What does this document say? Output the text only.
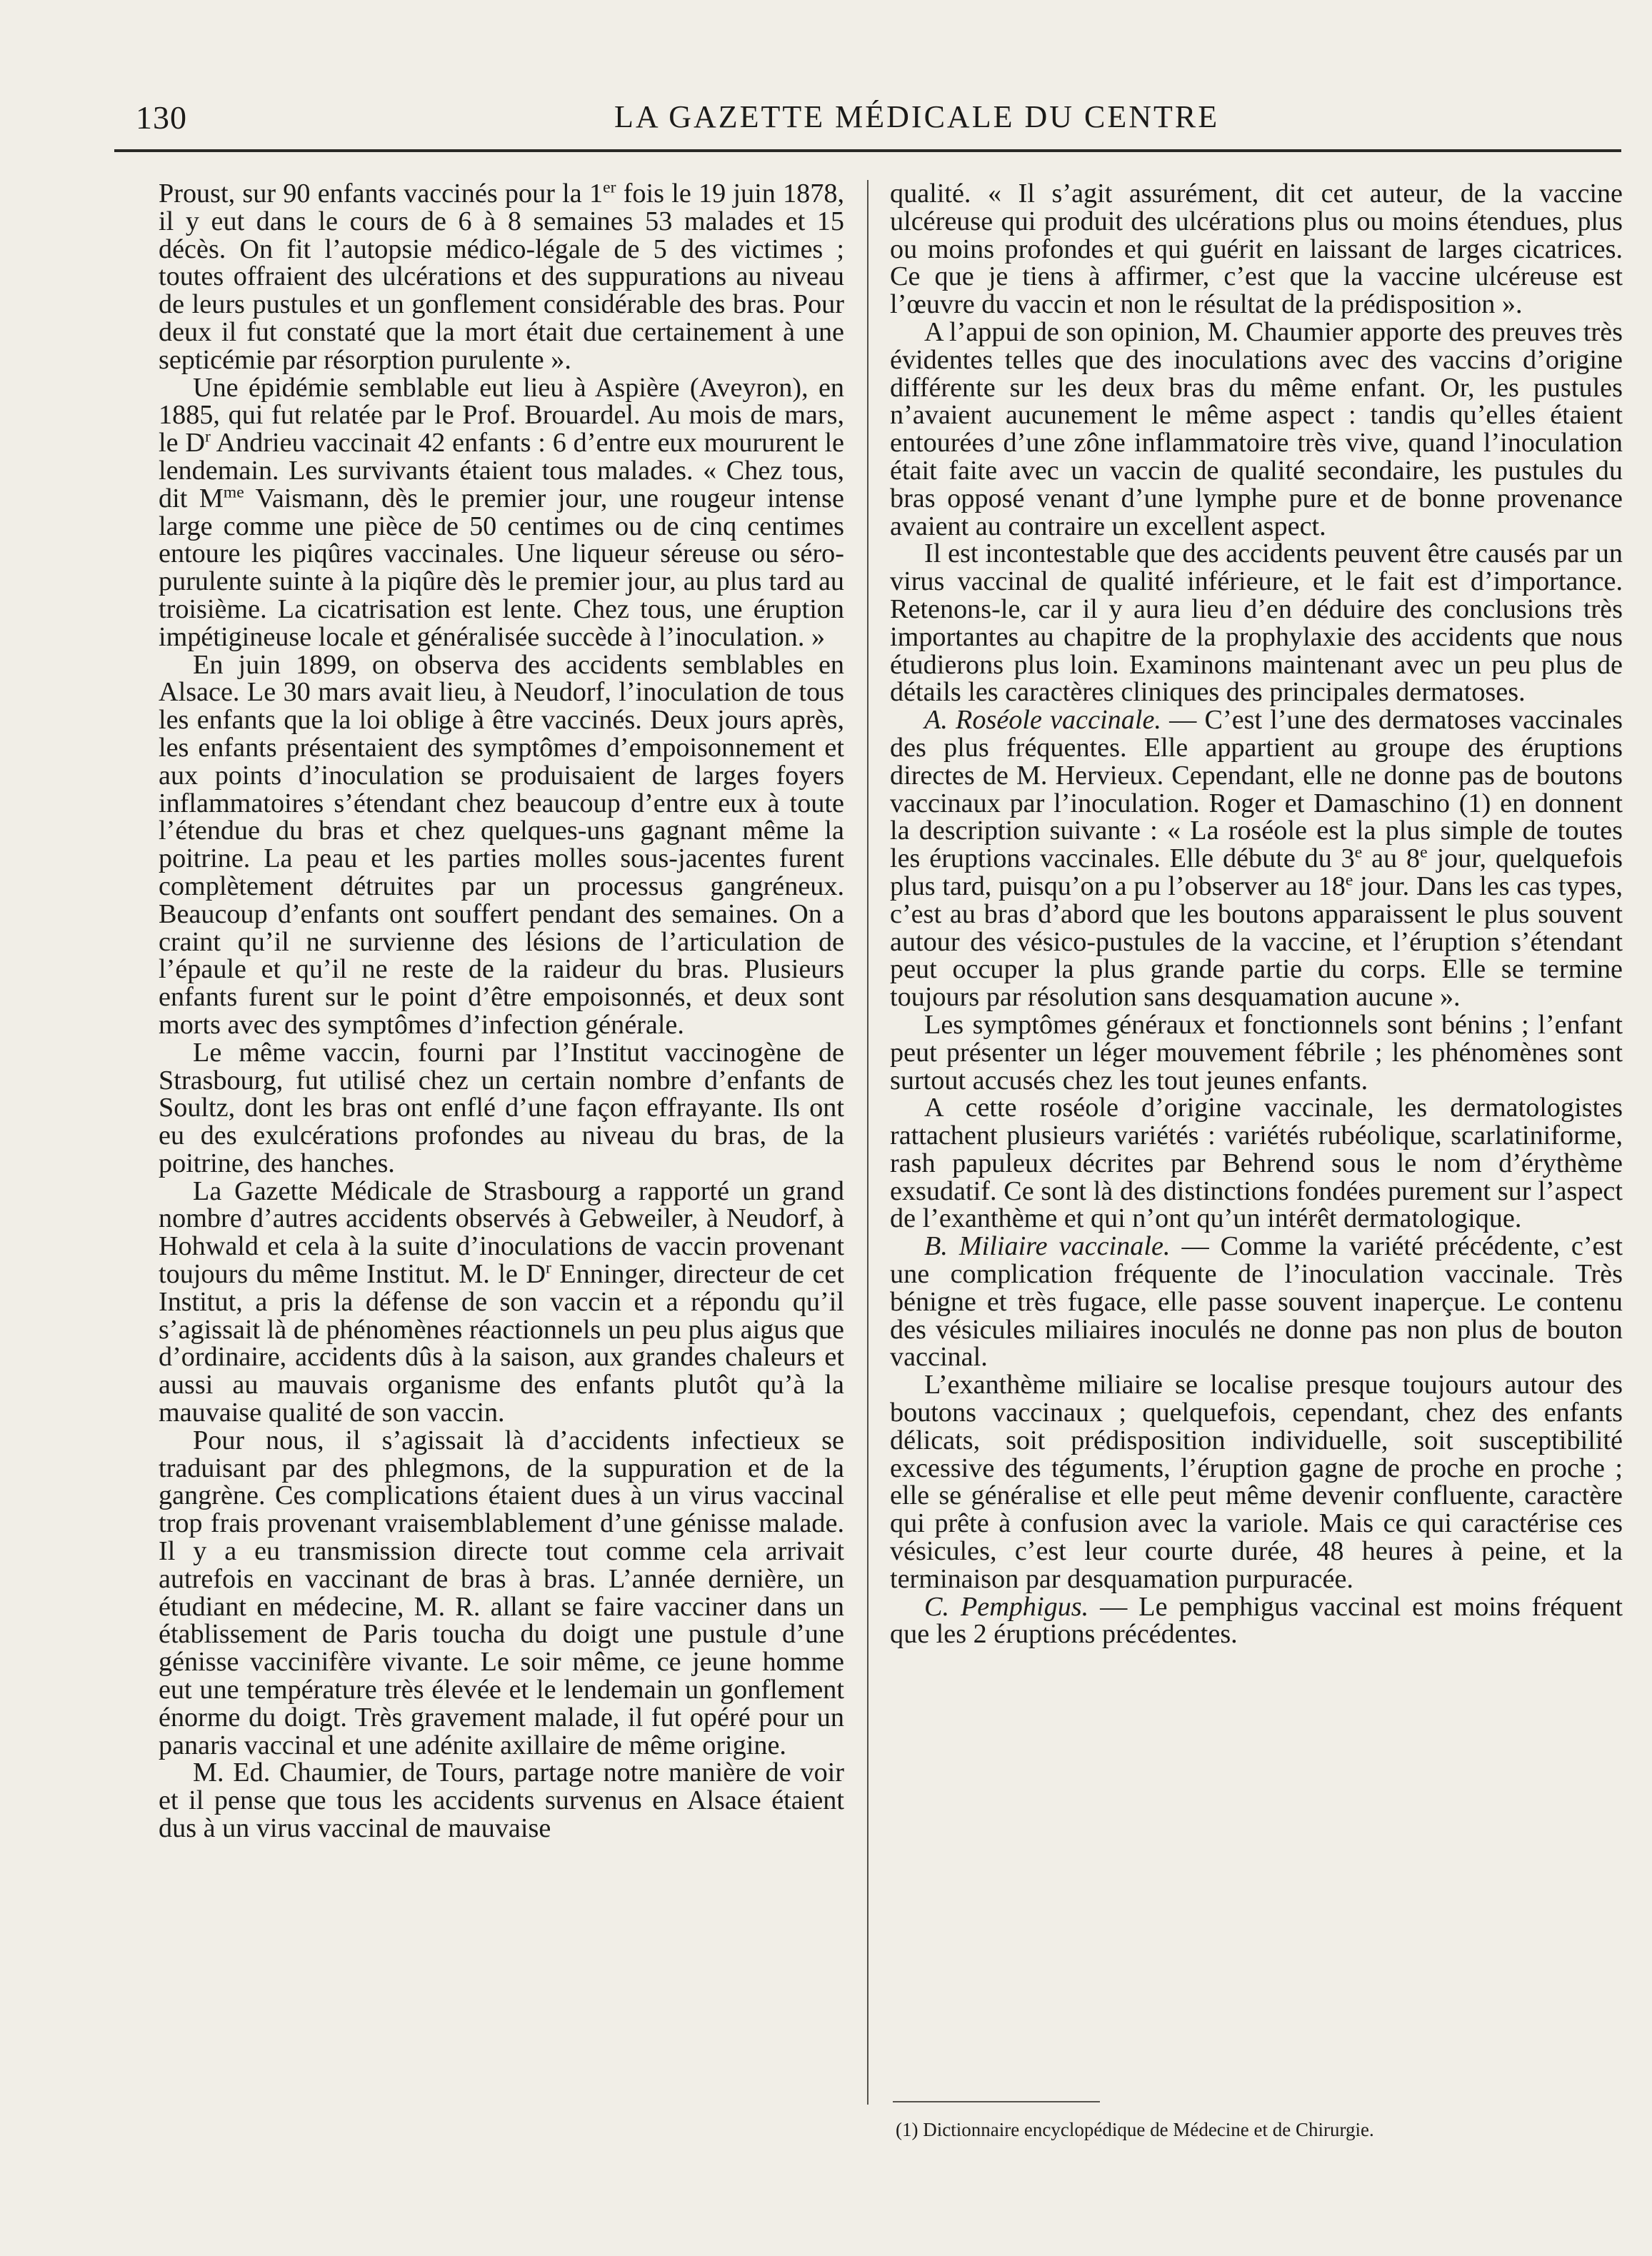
130	LA GAZETTE MÉDICALE DU CENTRE

Proust, sur 90 enfants vaccinés pour la 1er fois le 19 juin 1878, il y eut dans le cours de 6 à 8 semaines 53 malades et 15 décès. On fit l’autopsie médico-légale de 5 des victimes ; toutes offraient des ulcérations et des suppurations au niveau de leurs pustules et un gonflement considérable des bras. Pour deux il fut constaté que la mort était due certainement à une septicémie par résorption purulente ».

Une épidémie semblable eut lieu à Aspière (Aveyron), en 1885, qui fut relatée par le Prof. Brouardel. Au mois de mars, le $D^r$ Andrieu vaccinait 42 enfants : 6 d’entre eux moururent le lendemain. Les survivants étaient tous malades. « Chez tous, dit $M^{me}$ Vaismann, dès le premier jour, une rougeur intense large comme une pièce de 50 centimes ou de cinq centimes entoure les piqûres vaccinales. Une liqueur séreuse ou séro-purulente suinte à la piqûre dès le premier jour, au plus tard au troisième. La cicatrisation est lente. Chez tous, une éruption impétigineuse locale et généralisée succède à l’inoculation. »

En juin 1899, on observa des accidents semblables en Alsace. Le 30 mars avait lieu, à Neudorf, l’inoculation de tous les enfants que la loi oblige à être vaccinés. Deux jours après, les enfants présentaient des symptômes d’empoisonnement et aux points d’inoculation se produisaient de larges foyers inflammatoires s’étendant chez beaucoup d’entre eux à toute l’étendue du bras et chez quelques-uns gagnant même la poitrine. La peau et les parties molles sous-jacentes furent complètement détruites par un processus gangréneux. Beaucoup d’enfants ont souffert pendant des semaines. On a craint qu’il ne survienne des lésions de l’articulation de l’épaule et qu’il ne reste de la raideur du bras. Plusieurs enfants furent sur le point d’être empoisonnés, et deux sont morts avec des symptômes d’infection générale.

Le même vaccin, fourni par l’Institut vaccinogène de Strasbourg, fut utilisé chez un certain nombre d’enfants de Soultz, dont les bras ont enflé d’une façon effrayante. Ils ont eu des exulcérations profondes au niveau du bras, de la poitrine, des hanches.

La Gazette Médicale de Strasbourg a rapporté un grand nombre d’autres accidents observés à Gebweiler, à Neudorf, à Hohwald et cela à la suite d’inoculations de vaccin provenant toujours du même Institut. M. le $D^r$ Enninger, directeur de cet Institut, a pris la défense de son vaccin et a répondu qu’il s’agissait là de phénomènes réactionnels un peu plus aigus que d’ordinaire, accidents dûs à la saison, aux grandes chaleurs et aussi au mauvais organisme des enfants plutôt qu’à la mauvaise qualité de son vaccin.

Pour nous, il s’agissait là d’accidents infectieux se traduisant par des phlegmons, de la suppuration et de la gangrène. Ces complications étaient dues à un virus vaccinal trop frais provenant vraisemblablement d’une génisse malade. Il y a eu transmission directe tout comme cela arrivait autrefois en vaccinant de bras à bras. L’année dernière, un étudiant en médecine, M. R. allant se faire vacciner dans un établissement de Paris toucha du doigt une pustule d’une génisse vaccinifère vivante. Le soir même, ce jeune homme eut une température très élevée et le lendemain un gonflement énorme du doigt. Très gravement malade, il fut opéré pour un panaris vaccinal et une adénite axillaire de même origine.

M. Ed. Chaumier, de Tours, partage notre manière de voir et il pense que tous les accidents survenus en Alsace étaient dus à un virus vaccinal de mauvaise

qualité. « Il s’agit assurément, dit cet auteur, de la vaccine ulcéreuse qui produit des ulcérations plus ou moins étendues, plus ou moins profondes et qui guérit en laissant de larges cicatrices. Ce que je tiens à affirmer, c’est que la vaccine ulcéreuse est l’œuvre du vaccin et non le résultat de la prédisposition ».

A l’appui de son opinion, M. Chaumier apporte des preuves très évidentes telles que des inoculations avec des vaccins d’origine différente sur les deux bras du même enfant. Or, les pustules n’avaient aucunement le même aspect : tandis qu’elles étaient entourées d’une zône inflammatoire très vive, quand l’inoculation était faite avec un vaccin de qualité secondaire, les pustules du bras opposé venant d’une lymphe pure et de bonne provenance avaient au contraire un excellent aspect.

Il est incontestable que des accidents peuvent être causés par un virus vaccinal de qualité inférieure, et le fait est d’importance. Retenons-le, car il y aura lieu d’en déduire des conclusions très importantes au chapitre de la prophylaxie des accidents que nous étudierons plus loin. Examinons maintenant avec un peu plus de détails les caractères cliniques des principales dermatoses.

A. Roséole vaccinale. — C’est l’une des dermatoses vaccinales des plus fréquentes. Elle appartient au groupe des éruptions directes de M. Hervieux. Cependant, elle ne donne pas de boutons vaccinaux par l’inoculation. Roger et Damaschino (1) en donnent la description suivante : « La roséole est la plus simple de toutes les éruptions vaccinales. Elle débute du 3e au 8e jour, quelquefois plus tard, puisqu’on a pu l’observer au 18e jour. Dans les cas types, c’est au bras d’abord que les boutons apparaissent le plus souvent autour des vésico-pustules de la vaccine, et l’éruption s’étendant peut occuper la plus grande partie du corps. Elle se termine toujours par résolution sans desquamation aucune ».

Les symptômes généraux et fonctionnels sont bénins ; l’enfant peut présenter un léger mouvement fébrile ; les phénomènes sont surtout accusés chez les tout jeunes enfants.

A cette roséole d’origine vaccinale, les dermatologistes rattachent plusieurs variétés : variétés rubéolique, scarlatiniforme, rash papuleux décrites par Behrend sous le nom d’érythème exsudatif. Ce sont là des distinctions fondées purement sur l’aspect de l’exanthème et qui n’ont qu’un intérêt dermatologique.

B. Miliaire vaccinale. — Comme la variété précédente, c’est une complication fréquente de l’inoculation vaccinale. Très bénigne et très fugace, elle passe souvent inaperçue. Le contenu des vésicules miliaires inoculés ne donne pas non plus de bouton vaccinal.

L’exanthème miliaire se localise presque toujours autour des boutons vaccinaux ; quelquefois, cependant, chez des enfants délicats, soit prédisposition individuelle, soit susceptibilité excessive des téguments, l’éruption gagne de proche en proche ; elle se généralise et elle peut même devenir confluente, caractère qui prête à confusion avec la variole. Mais ce qui caractérise ces vésicules, c’est leur courte durée, 48 heures à peine, et la terminaison par desquamation purpuracée.

C. Pemphigus. — Le pemphigus vaccinal est moins fréquent que les 2 éruptions précédentes.

(1) Dictionnaire encyclopédique de Médecine et de Chirurgie.
